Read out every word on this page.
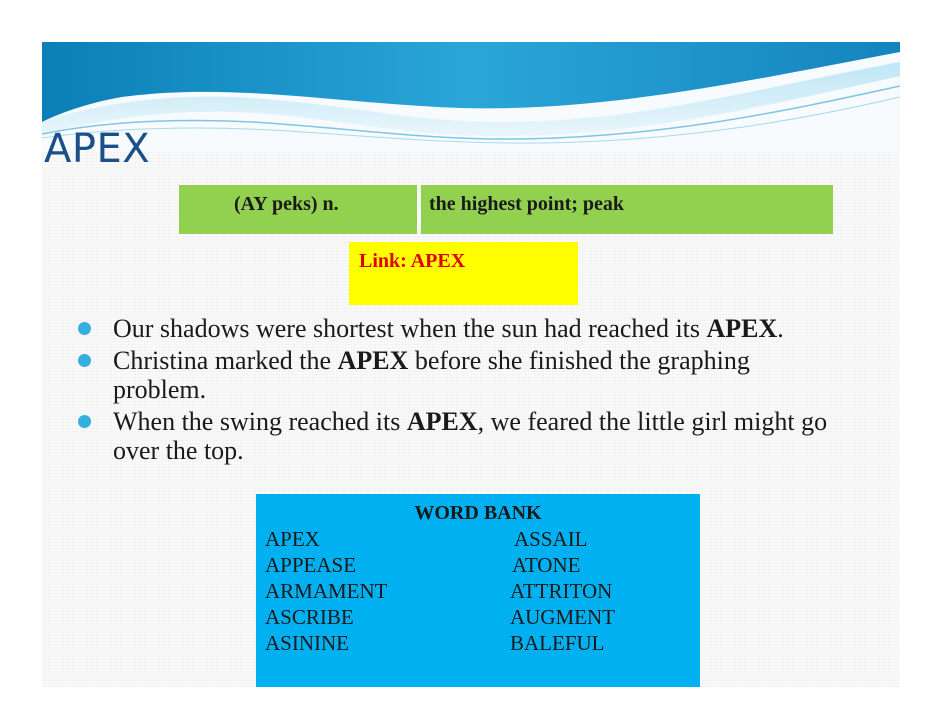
APEX
(AY peks) n.	the highest point; peak
Link: APEX
Our shadows were shortest when the sun had reached its APEX.
Christina marked the APEX before she finished the graphing problem.
When the swing reached its APEX, we feared the little girl might go over the top.
WORD BANK
APEX
APPEASE
ARMAMENT
ASCRIBE
ASININE
ASSAIL
ATONE
ATTRITON
AUGMENT
BALEFUL
